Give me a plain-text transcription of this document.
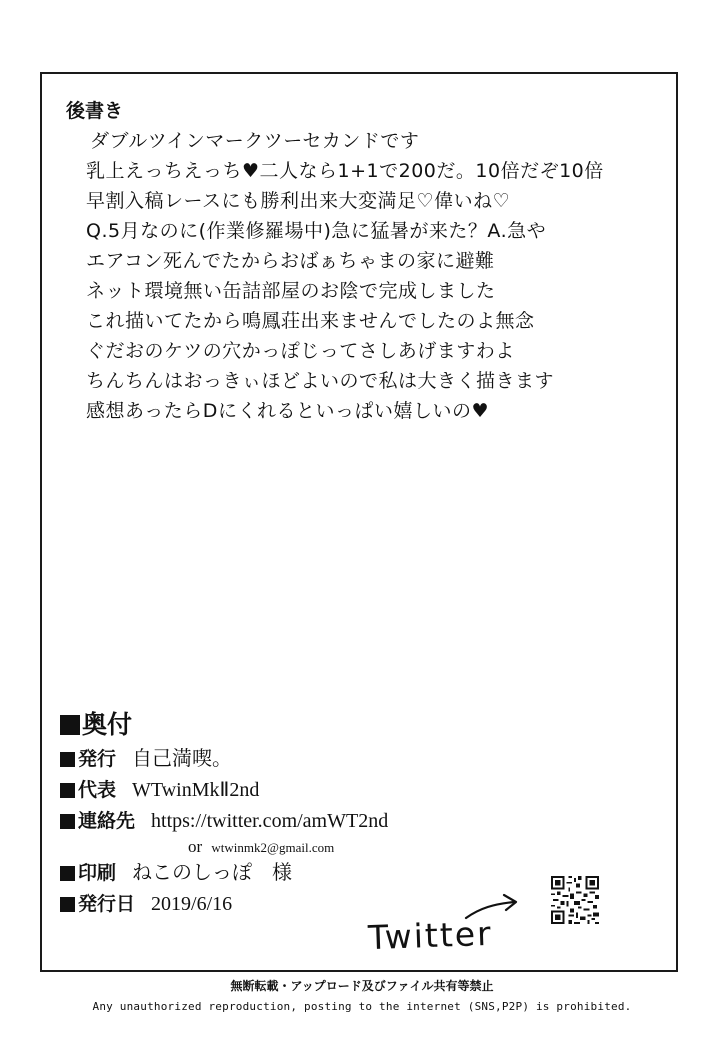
後書き
ダブルツインマークツーセカンドです
乳上えっちえっち♥二人なら1+1で200だ。10倍だぞ10倍
早割入稿レースにも勝利出来大変満足♡偉いね♡
Q.5月なのに(作業修羅場中)急に猛暑が来た？A.急や
エアコン死んでたからおばぁちゃまの家に避難
ネット環境無い缶詰部屋のお陰で完成しました
これ描いてたから鳴鳳荘出来ませんでしたのよ無念
ぐだおのケツの穴かっぽじってさしあげますわよ
ちんちんはおっきぃほどよいので私は大きく描きます
感想あったらDにくれるといっぱい嬉しいの♥
奥付
発行 自己満喫。
代表 WTwinMkⅡ2nd
連絡先 https://twitter.com/amWT2nd
or wtwinmk2@gmail.com
印刷 ねこのしっぽ　様
発行日 2019/6/16
Twitter
無断転載・アップロード及びファイル共有等禁止
Any unauthorized reproduction, posting to the internet (SNS,P2P) is prohibited.
